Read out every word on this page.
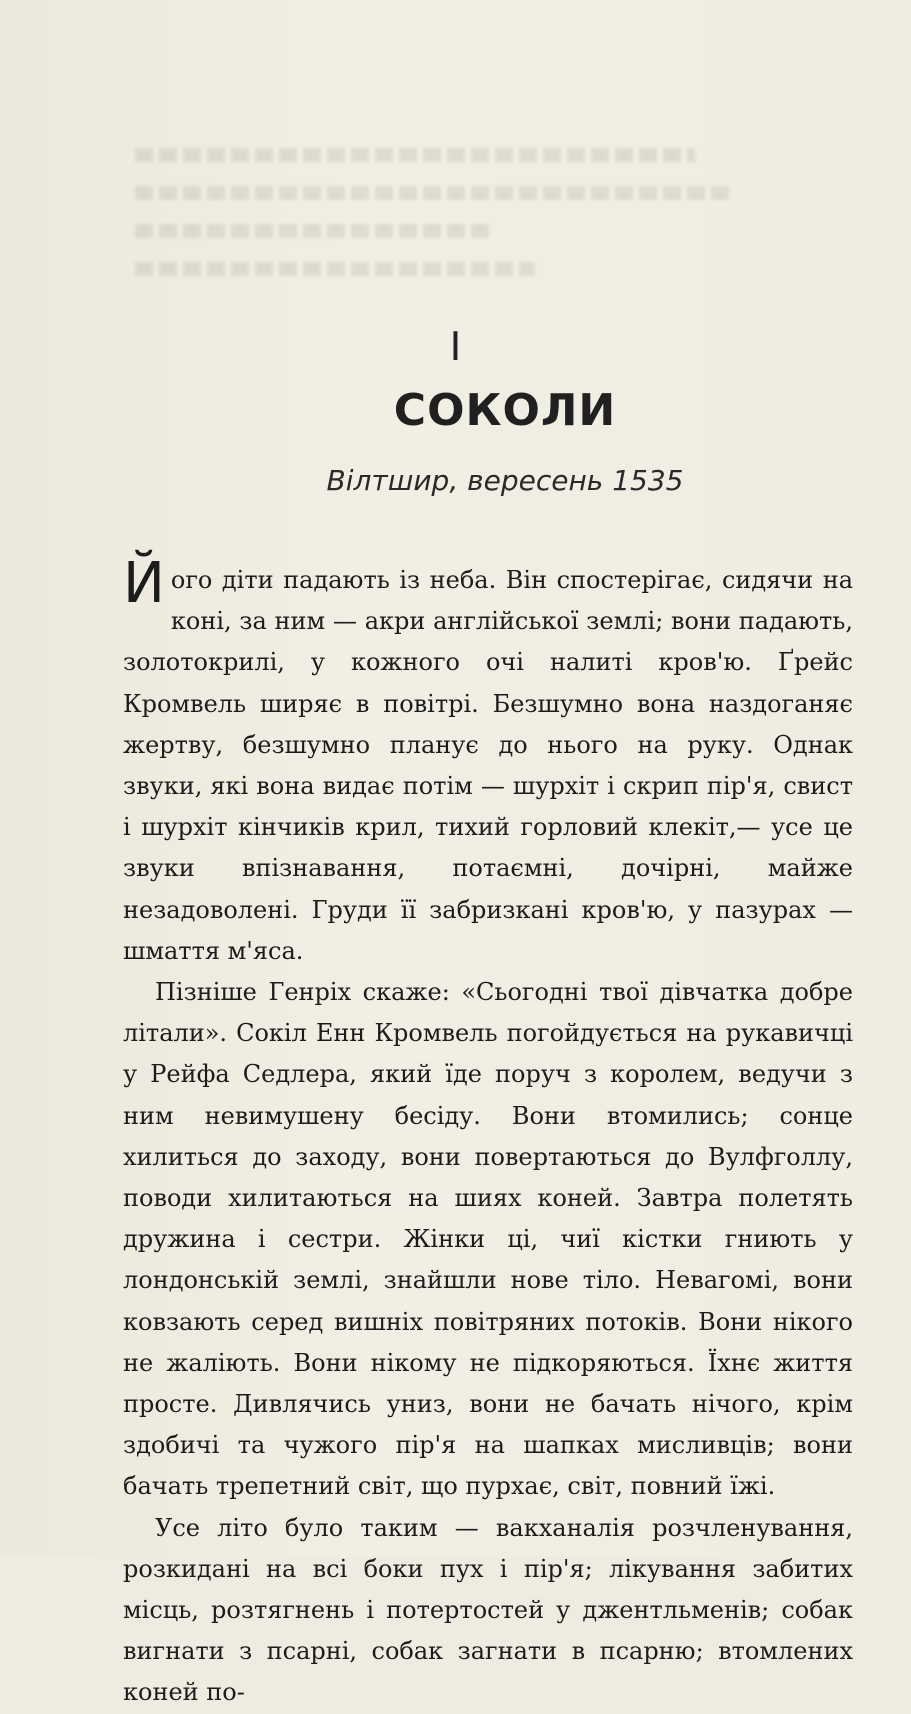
I
СОКОЛИ
Вілтшир, вересень 1535

Його діти падають із неба. Він спостерігає, сидячи на коні, за ним — акри англійської землі; вони падають, золотокрилі, у кожного очі налиті кров'ю. Ґрейс Кромвель ширяє в повітрі. Безшумно вона наздоганяє жертву, безшумно планує до нього на руку. Однак звуки, які вона видає потім — шурхіт і скрип пір'я, свист і шурхіт кінчиків крил, тихий горловий клекіт,— усе це звуки впізнавання, потаємні, дочірні, майже незадоволені. Груди її забризкані кров'ю, у пазурах — шмаття м'яса.

Пізніше Генріх скаже: «Сьогодні твої дівчатка добре літали». Сокіл Енн Кромвель погойдується на рукавичці у Рейфа Седлера, який їде поруч з королем, ведучи з ним невимушену бесіду. Вони втомились; сонце хилиться до заходу, вони повертаються до Вулфголлу, поводи хилитаються на шиях коней. Завтра полетять дружина і сестри. Жінки ці, чиї кістки гниють у лондонській землі, знайшли нове тіло. Невагомі, вони ковзають серед вишніх повітряних потоків. Вони нікого не жаліють. Вони нікому не підкоряються. Їхнє життя просте. Дивлячись униз, вони не бачать нічого, крім здобичі та чужого пір'я на шапках мисливців; вони бачать трепетний світ, що пурхає, світ, повний їжі.

Усе літо було таким — вакханалія розчленування, розкидані на всі боки пух і пір'я; лікування забитих місць, розтягнень і потертостей у джентльменів; собак вигнати з псарні, собак загнати в псарню; втомлених коней по-
